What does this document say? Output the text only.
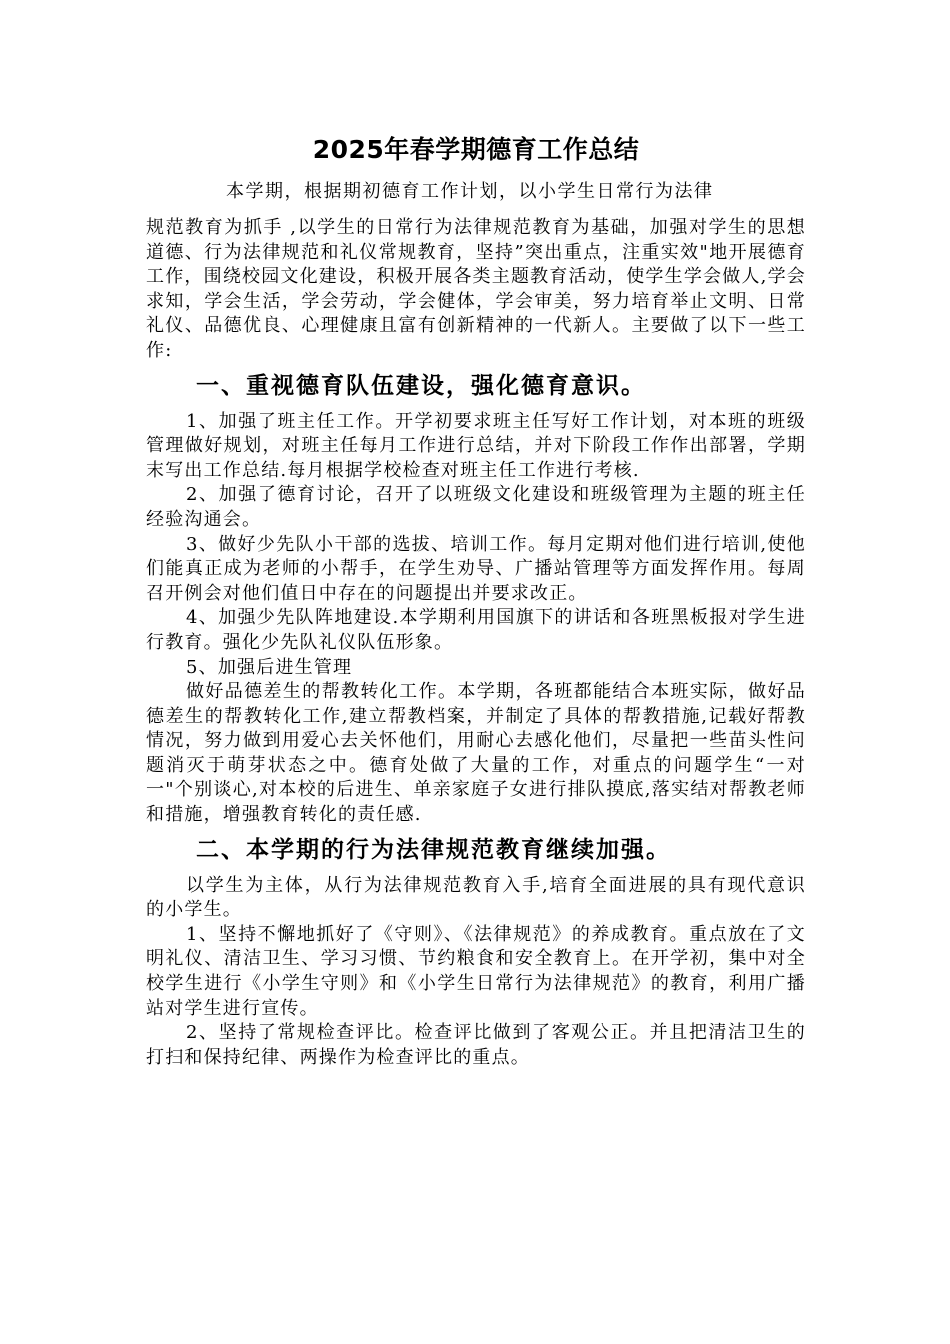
2025年春学期德育工作总结

本学期，根据期初德育工作计划，以小学生日常行为法律

规范教育为抓手 ,以学生的日常行为法律规范教育为基础，加强对学生的思想道德、行为法律规范和礼仪常规教育，坚持”突出重点，注重实效"地开展德育工作，围绕校园文化建设，积极开展各类主题教育活动，使学生学会做人,学会求知，学会生活，学会劳动，学会健体，学会审美，努力培育举止文明、日常礼仪、品德优良、心理健康且富有创新精神的一代新人。主要做了以下一些工作:

一、重视德育队伍建设，强化德育意识。

1、加强了班主任工作。开学初要求班主任写好工作计划，对本班的班级管理做好规划，对班主任每月工作进行总结，并对下阶段工作作出部署，学期末写出工作总结.每月根据学校检查对班主任工作进行考核.

2、加强了德育讨论，召开了以班级文化建设和班级管理为主题的班主任经验沟通会。

3、做好少先队小干部的选拔、培训工作。每月定期对他们进行培训,使他们能真正成为老师的小帮手，在学生劝导、广播站管理等方面发挥作用。每周召开例会对他们值日中存在的问题提出并要求改正。

4、加强少先队阵地建设.本学期利用国旗下的讲话和各班黑板报对学生进行教育。强化少先队礼仪队伍形象。

5、加强后进生管理

做好品德差生的帮教转化工作。本学期，各班都能结合本班实际，做好品德差生的帮教转化工作,建立帮教档案，并制定了具体的帮教措施,记载好帮教情况，努力做到用爱心去关怀他们，用耐心去感化他们，尽量把一些苗头性问题消灭于萌芽状态之中。德育处做了大量的工作，对重点的问题学生“一对一"个别谈心,对本校的后进生、单亲家庭子女进行排队摸底,落实结对帮教老师和措施，增强教育转化的责任感.

二、本学期的行为法律规范教育继续加强。

以学生为主体，从行为法律规范教育入手,培育全面进展的具有现代意识的小学生。

1、坚持不懈地抓好了《守则》、《法律规范》的养成教育。重点放在了文明礼仪、清洁卫生、学习习惯、节约粮食和安全教育上。在开学初，集中对全校学生进行《小学生守则》和《小学生日常行为法律规范》的教育，利用广播站对学生进行宣传。

2、坚持了常规检查评比。检查评比做到了客观公正。并且把清洁卫生的打扫和保持纪律、两操作为检查评比的重点。
